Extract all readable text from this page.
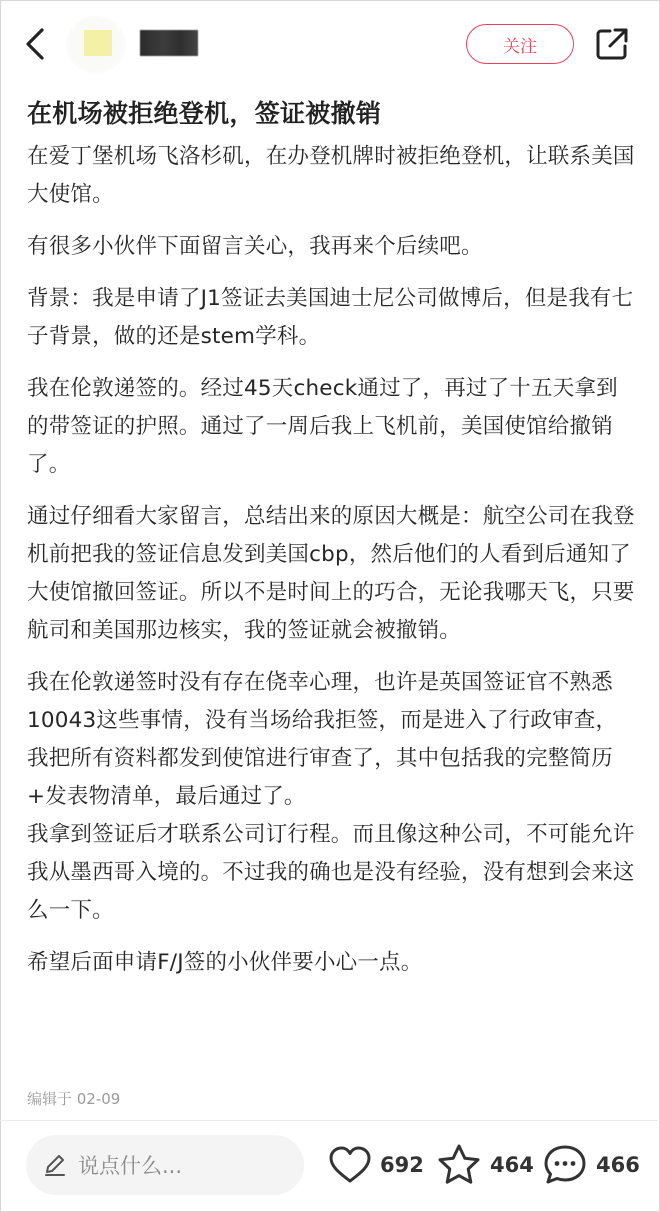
关注
在机场被拒绝登机，签证被撤销
在爱丁堡机场飞洛杉矶，在办登机牌时被拒绝登机，让联系美国大使馆。
有很多小伙伴下面留言关心，我再来个后续吧。
背景：我是申请了J1签证去美国迪士尼公司做博后，但是我有七子背景，做的还是stem学科。
我在伦敦递签的。经过45天check通过了，再过了十五天拿到的带签证的护照。通过了一周后我上飞机前，美国使馆给撤销了。
通过仔细看大家留言，总结出来的原因大概是：航空公司在我登机前把我的签证信息发到美国cbp，然后他们的人看到后通知了大使馆撤回签证。所以不是时间上的巧合，无论我哪天飞，只要航司和美国那边核实，我的签证就会被撤销。
我在伦敦递签时没有存在侥幸心理，也许是英国签证官不熟悉10043这些事情，没有当场给我拒签，而是进入了行政审查，我把所有资料都发到使馆进行审查了，其中包括我的完整简历+发表物清单，最后通过了。
我拿到签证后才联系公司订行程。而且像这种公司，不可能允许我从墨西哥入境的。不过我的确也是没有经验，没有想到会来这么一下。
希望后面申请F/J签的小伙伴要小心一点。
编辑于 02-09
说点什么...	692	464	466
